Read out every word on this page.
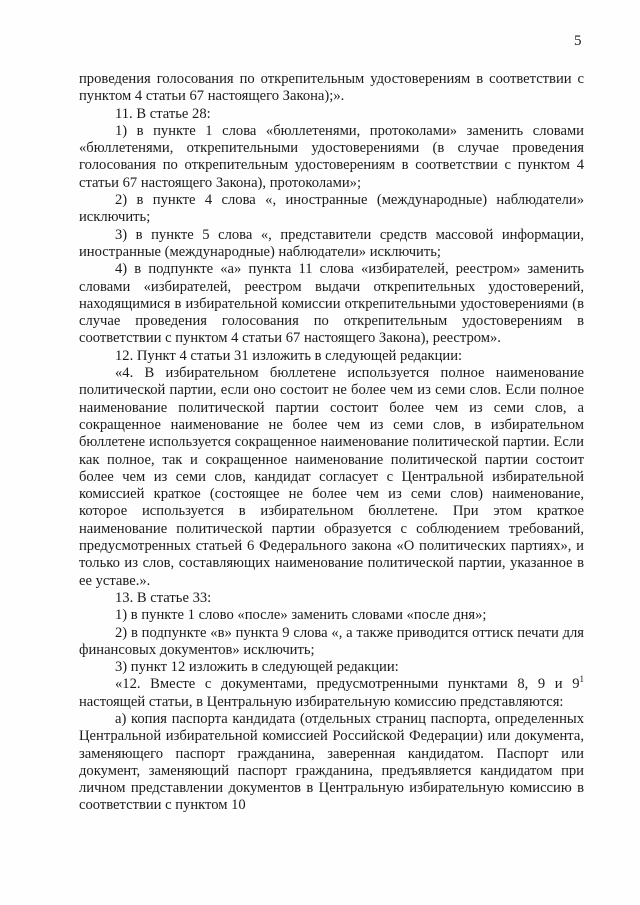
5

проведения голосования по открепительным удостоверениям в соответствии с пунктом 4 статьи 67 настоящего Закона);».

11. В статье 28:

1) в пункте 1 слова «бюллетенями, протоколами» заменить словами «бюллетенями, открепительными удостоверениями (в случае проведения голосования по открепительным удостоверениям в соответствии с пунктом 4 статьи 67 настоящего Закона), протоколами»;

2) в пункте 4 слова «, иностранные (международные) наблюдатели» исключить;

3) в пункте 5 слова «, представители средств массовой информации, иностранные (международные) наблюдатели» исключить;

4) в подпункте «а» пункта 11 слова «избирателей, реестром» заменить словами «избирателей, реестром выдачи открепительных удостоверений, находящимися в избирательной комиссии открепительными удостоверениями (в случае проведения голосования по открепительным удостоверениям в соответствии с пунктом 4 статьи 67 настоящего Закона), реестром».

12. Пункт 4 статьи 31 изложить в следующей редакции:

«4. В избирательном бюллетене используется полное наименование политической партии, если оно состоит не более чем из семи слов. Если полное наименование политической партии состоит более чем из семи слов, а сокращенное наименование не более чем из семи слов, в избирательном бюллетене используется сокращенное наименование политической партии. Если как полное, так и сокращенное наименование политической партии состоит более чем из семи слов, кандидат согласует с Центральной избирательной комиссией краткое (состоящее не более чем из семи слов) наименование, которое используется в избирательном бюллетене. При этом краткое наименование политической партии образуется с соблюдением требований, предусмотренных статьей 6 Федерального закона «О политических партиях», и только из слов, составляющих наименование политической партии, указанное в ее уставе.».

13. В статье 33:

1) в пункте 1 слово «после» заменить словами «после дня»;

2) в подпункте «в» пункта 9 слова «, а также приводится оттиск печати для финансовых документов» исключить;

3) пункт 12 изложить в следующей редакции:

«12. Вместе с документами, предусмотренными пунктами 8, 9 и $9^1$ настоящей статьи, в Центральную избирательную комиссию представляются:

а) копия паспорта кандидата (отдельных страниц паспорта, определенных Центральной избирательной комиссией Российской Федерации) или документа, заменяющего паспорт гражданина, заверенная кандидатом. Паспорт или документ, заменяющий паспорт гражданина, предъявляется кандидатом при личном представлении документов в Центральную избирательную комиссию в соответствии с пунктом 10
